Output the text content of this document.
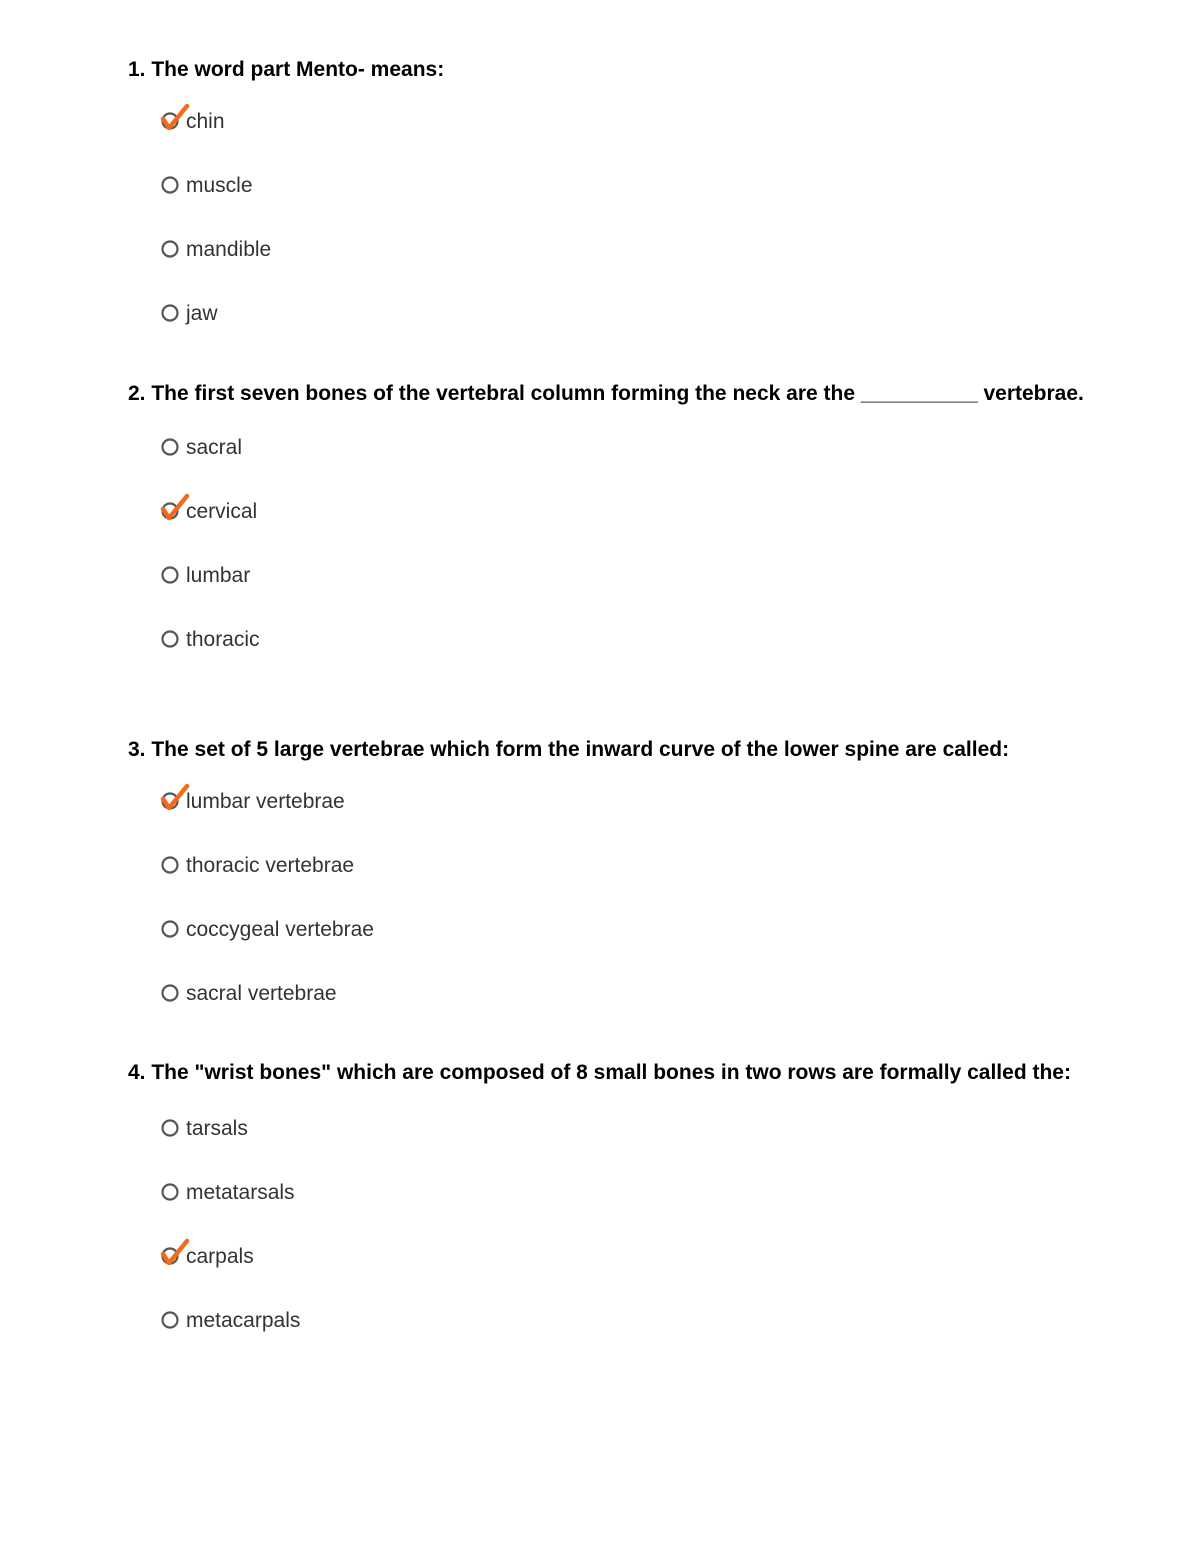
1. The word part Mento- means:

chin
muscle
mandible
jaw

2. The first seven bones of the vertebral column forming the neck are the __________ vertebrae.

sacral
cervical
lumbar
thoracic

3. The set of 5 large vertebrae which form the inward curve of the lower spine are called:

lumbar vertebrae
thoracic vertebrae
coccygeal vertebrae
sacral vertebrae

4. The "wrist bones" which are composed of 8 small bones in two rows are formally called the:

tarsals
metatarsals
carpals
metacarpals
